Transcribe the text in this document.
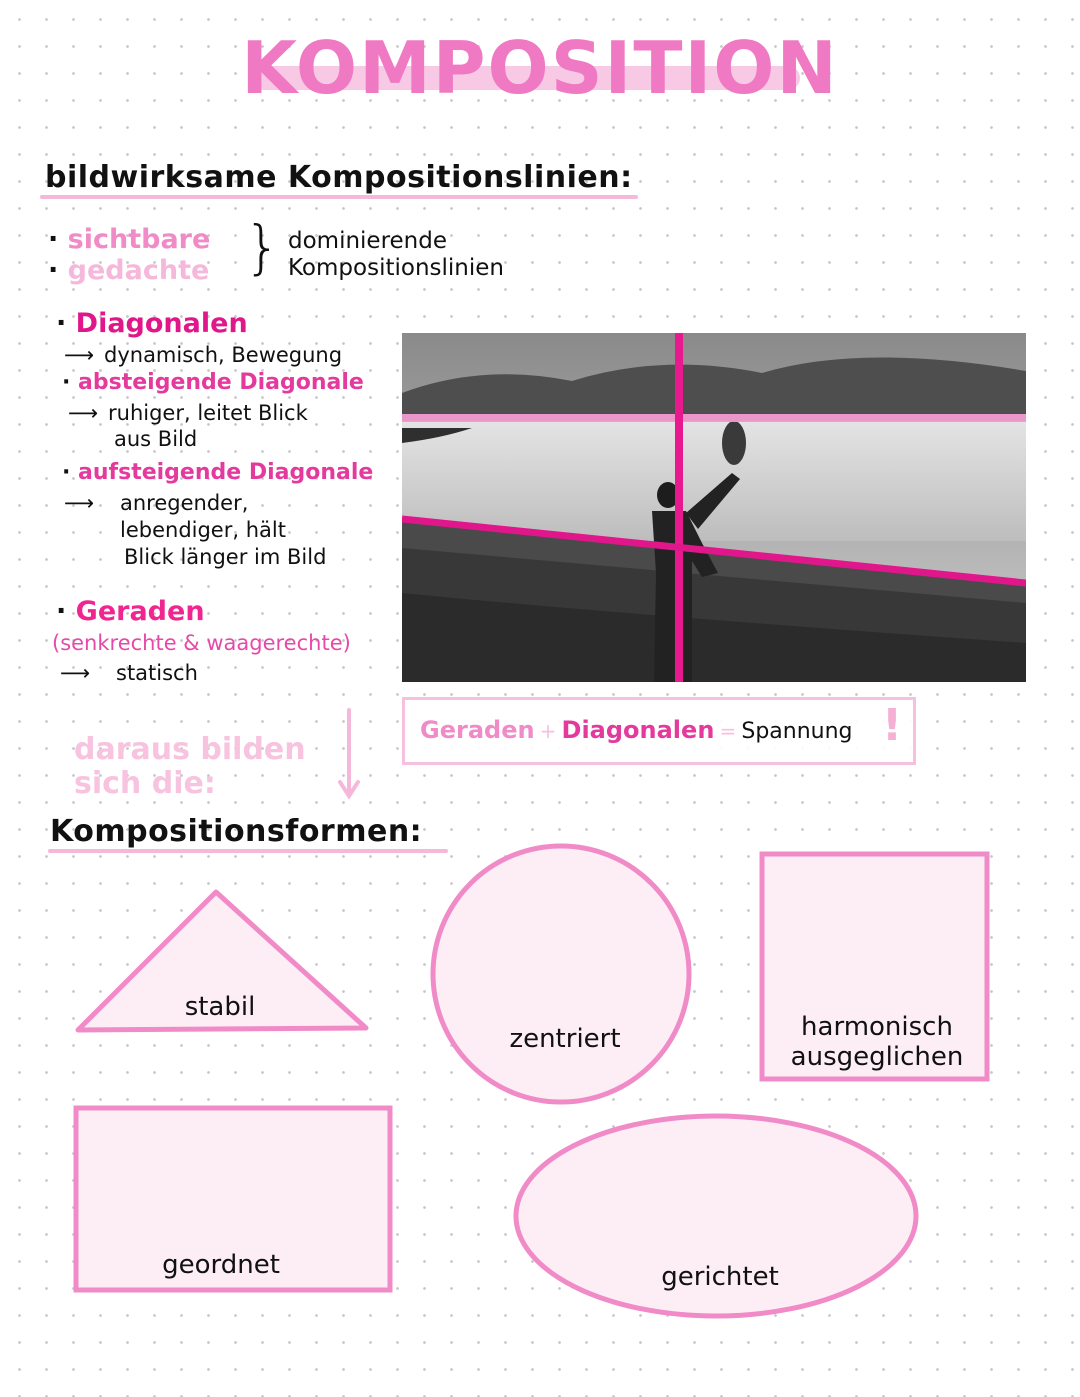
KOMPOSITION
bildwirksame Kompositionslinien:
· sichtbare
· gedachte } dominierende
Kompositionslinien
· Diagonalen
⟶ dynamisch, Bewegung
· absteigende Diagonale
⟶ ruhiger, leitet Blick
aus Bild
· aufsteigende Diagonale
⟶ anregender,
lebendiger, hält
Blick länger im Bild
· Geraden
(senkrechte & waagerechte)
⟶ statisch
Geraden + Diagonalen = Spannung !
daraus bilden
sich die:
Kompositionsformen:
stabil
zentriert	harmonisch
ausgeglichen
geordnet	gerichtet
